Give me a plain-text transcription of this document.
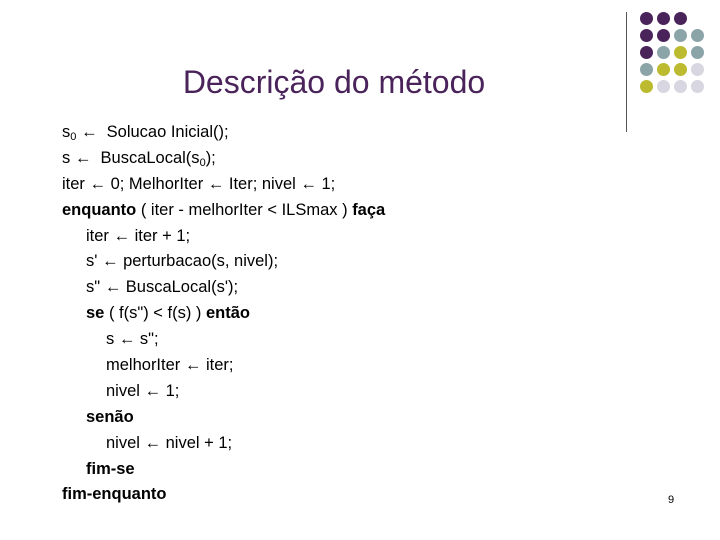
Descrição do método
$s_0$ ←  Solucao Inicial();
s ←  $BuscaLocal(s_0)$;
iter ← 0; MelhorIter ← Iter; nivel ← 1;
enquanto ( iter - melhorIter < ILSmax ) faça
iter ← iter + 1;
s' ← perturbacao(s, nivel);
s" ← BuscaLocal(s');
se ( f(s") < f(s) ) então
s ← s";
melhorIter ← iter;
nivel ← 1;
senão
nivel ← nivel + 1;
fim-se
fim-enquanto	9
